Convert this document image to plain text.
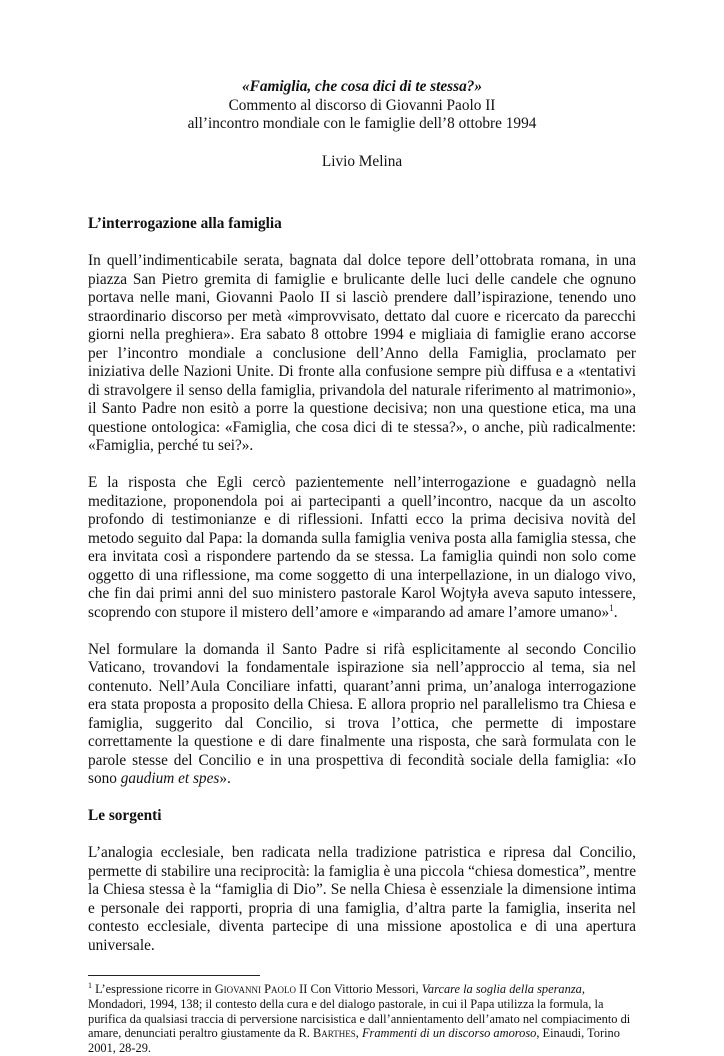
«Famiglia, che cosa dici di te stessa?»
Commento al discorso di Giovanni Paolo II
all’incontro mondiale con le famiglie dell’8 ottobre 1994
Livio Melina
L’interrogazione alla famiglia

In quell’indimenticabile serata, bagnata dal dolce tepore dell’ottobrata romana, in una piazza San Pietro gremita di famiglie e brulicante delle luci delle candele che ognuno portava nelle mani, Giovanni Paolo II si lasciò prendere dall’ispirazione, tenendo uno straordinario discorso per metà «improvvisato, dettato dal cuore e ricercato da parecchi giorni nella preghiera». Era sabato 8 ottobre 1994 e migliaia di famiglie erano accorse per l’incontro mondiale a conclusione dell’Anno della Famiglia, proclamato per iniziativa delle Nazioni Unite. Di fronte alla confusione sempre più diffusa e a «tentativi di stravolgere il senso della famiglia, privandola del naturale riferimento al matrimonio», il Santo Padre non esitò a porre la questione decisiva; non una questione etica, ma una questione ontologica: «Famiglia, che cosa dici di te stessa?», o anche, più radicalmente: «Famiglia, perché tu sei?».

E la risposta che Egli cercò pazientemente nell’interrogazione e guadagnò nella meditazione, proponendola poi ai partecipanti a quell’incontro, nacque da un ascolto profondo di testimonianze e di riflessioni. Infatti ecco la prima decisiva novità del metodo seguito dal Papa: la domanda sulla famiglia veniva posta alla famiglia stessa, che era invitata così a rispondere partendo da se stessa. La famiglia quindi non solo come oggetto di una riflessione, ma come soggetto di una interpellazione, in un dialogo vivo, che fin dai primi anni del suo ministero pastorale Karol Wojtyła aveva saputo intessere, scoprendo con stupore il mistero dell’amore e «imparando ad amare l’amore umano»$^1$.

Nel formulare la domanda il Santo Padre si rifà esplicitamente al secondo Concilio Vaticano, trovandovi la fondamentale ispirazione sia nell’approccio al tema, sia nel contenuto. Nell’Aula Conciliare infatti, quarant’anni prima, un’analoga interrogazione era stata proposta a proposito della Chiesa. E allora proprio nel parallelismo tra Chiesa e famiglia, suggerito dal Concilio, si trova l’ottica, che permette di impostare correttamente la questione e di dare finalmente una risposta, che sarà formulata con le parole stesse del Concilio e in una prospettiva di fecondità sociale della famiglia: «Io sono gaudium et spes».

Le sorgenti

L’analogia ecclesiale, ben radicata nella tradizione patristica e ripresa dal Concilio, permette di stabilire una reciprocità: la famiglia è una piccola “chiesa domestica”, mentre la Chiesa stessa è la “famiglia di Dio”. Se nella Chiesa è essenziale la dimensione intima e personale dei rapporti, propria di una famiglia, d’altra parte la famiglia, inserita nel contesto ecclesiale, diventa partecipe di una missione apostolica e di una apertura universale.

$^1$ L’espressione ricorre in Giovanni Paolo II Con Vittorio Messori, Varcare la soglia della speranza, Mondadori, 1994, 138; il contesto della cura e del dialogo pastorale, in cui il Papa utilizza la formula, la purifica da qualsiasi traccia di perversione narcisistica e dall’annientamento dell’amato nel compiacimento di amare, denunciati peraltro giustamente da R. Barthes, Frammenti di un discorso amoroso, Einaudi, Torino 2001, 28-29.
